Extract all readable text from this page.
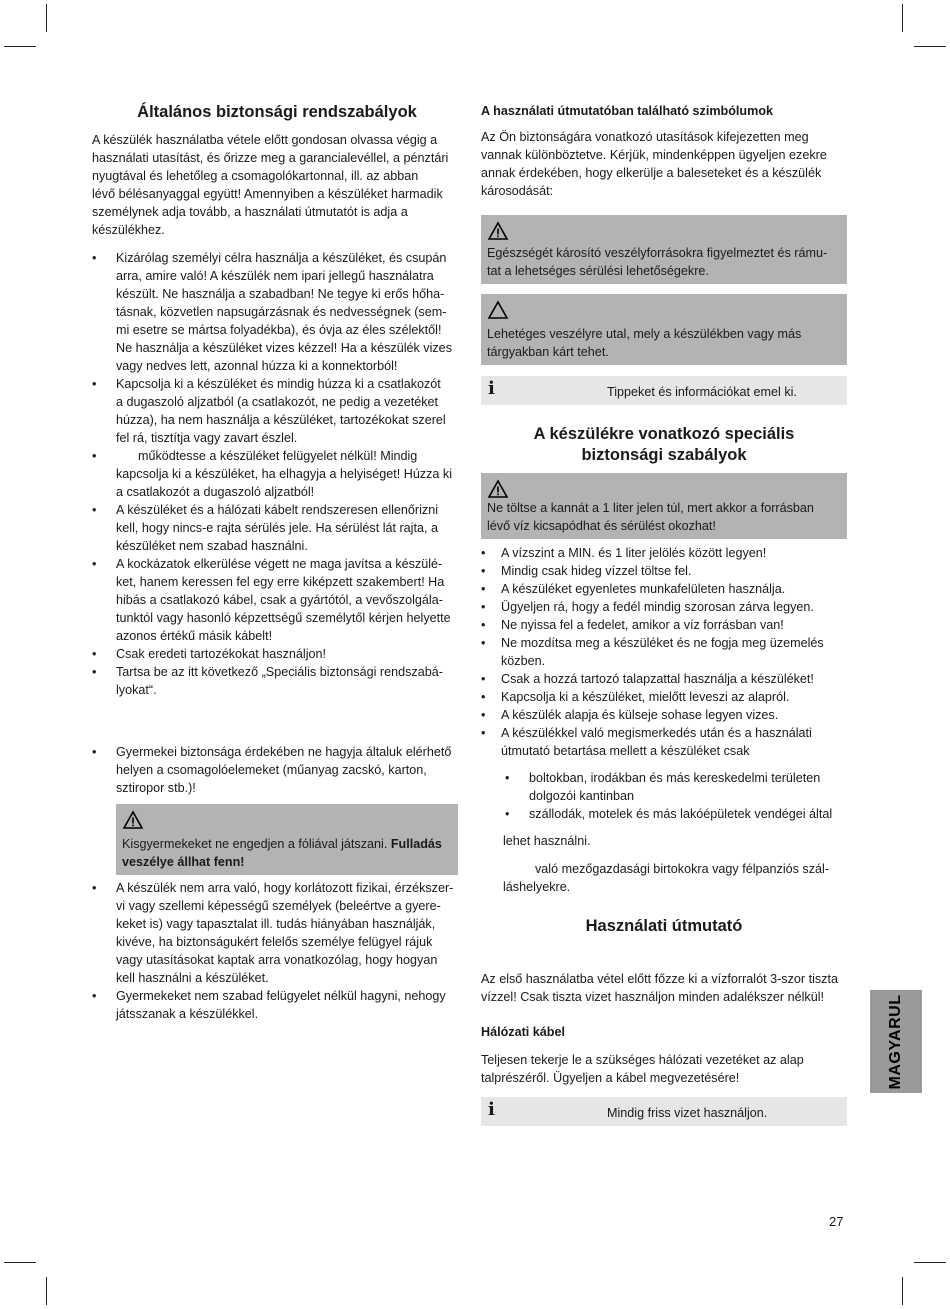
Általános biztonsági rendszabályok

A készülék használatba vétele előtt gondosan olvassa végig a
használati utasítást, és őrizze meg a garancialevéllel, a pénztári
nyugtával és lehetőleg a csomagolókartonnal, ill. az abban
lévő bélésanyaggal együtt! Amennyiben a készüléket harmadik
személynek adja tovább, a használati útmutatót is adja a
készülékhez.

• Kizárólag személyi célra használja a készüléket, és csupán
arra, amire való! A készülék nem ipari jellegű használatra
készült. Ne használja a szabadban! Ne tegye ki erős hőha-
tásnak, közvetlen napsugárzásnak és nedvességnek (sem-
mi esetre se mártsa folyadékba), és óvja az éles szélektől!
Ne használja a készüléket vizes kézzel! Ha a készülék vizes
vagy nedves lett, azonnal húzza ki a konnektorból!
• Kapcsolja ki a készüléket és mindig húzza ki a csatlakozót
a dugaszoló aljzatból (a csatlakozót, ne pedig a vezetéket
húzza), ha nem használja a készüléket, tartozékokat szerel
fel rá, tisztítja vagy zavart észlel.
• működtesse a készüléket felügyelet nélkül! Mindig
kapcsolja ki a készüléket, ha elhagyja a helyiséget! Húzza ki
a csatlakozót a dugaszoló aljzatból!
• A készüléket és a hálózati kábelt rendszeresen ellenőrizni
kell, hogy nincs-e rajta sérülés jele. Ha sérülést lát rajta, a
készüléket nem szabad használni.
• A kockázatok elkerülése végett ne maga javítsa a készülé-
ket, hanem keressen fel egy erre kiképzett szakembert! Ha
hibás a csatlakozó kábel, csak a gyártótól, a vevőszolgála-
tunktól vagy hasonló képzettségű személytől kérjen helyette
azonos értékű másik kábelt!
• Csak eredeti tartozékokat használjon!
• Tartsa be az itt következő „Speciális biztonsági rendszabá-
lyokat“.
• Gyermekei biztonsága érdekében ne hagyja általuk elérhető
helyen a csomagolóelemeket (műanyag zacskó, karton,
sztiropor stb.)!
Kisgyermekeket ne engedjen a fóliával játszani. Fulladás
veszélye állhat fenn!
• A készülék nem arra való, hogy korlátozott fizikai, érzékszer-
vi vagy szellemi képességű személyek (beleértve a gyere-
keket is) vagy tapasztalat ill. tudás hiányában használják,
kivéve, ha biztonságukért felelős személye felügyel rájuk
vagy utasításokat kaptak arra vonatkozólag, hogy hogyan
kell használni a készüléket.
• Gyermekeket nem szabad felügyelet nélkül hagyni, nehogy
játsszanak a készülékkel.
A használati útmutatóban található szimbólumok

Az Ön biztonságára vonatkozó utasítások kifejezetten meg
vannak különböztetve. Kérjük, mindenképpen ügyeljen ezekre
annak érdekében, hogy elkerülje a baleseteket és a készülék
károsodását:

Egészségét károsító veszélyforrásokra figyelmeztet és rámu-
tat a lehetséges sérülési lehetőségekre.
Lehetéges veszélyre utal, mely a készülékben vagy más
tárgyakban kárt tehet.
i	Tippeket és információkat emel ki.
A készülékre vonatkozó speciális
biztonsági szabályok
Ne töltse a kannát a 1 liter jelen túl, mert akkor a forrásban
lévő víz kicsapódhat és sérülést okozhat!
• A vízszint a MIN. és 1 liter jelölés között legyen!
• Mindig csak hideg vízzel töltse fel.
• A készüléket egyenletes munkafelületen használja.
• Ügyeljen rá, hogy a fedél mindig szorosan zárva legyen.
• Ne nyissa fel a fedelet, amikor a víz forrásban van!
• Ne mozdítsa meg a készüléket és ne fogja meg üzemelés
közben.
• Csak a hozzá tartozó talapzattal használja a készüléket!
• Kapcsolja ki a készüléket, mielőtt leveszi az alapról.
• A készülék alapja és külseje sohase legyen vizes.
• A készülékkel való megismerkedés után és a használati
útmutató betartása mellett a készüléket csak
• boltokban, irodákban és más kereskedelmi területen
dolgozói kantinban
• szállodák, motelek és más lakóépületek vendégei által

lehet használni.

való mezőgazdasági birtokokra vagy félpanziós szál-
láshelyekre.

Használati útmutató

Az első használatba vétel előtt főzze ki a vízforralót 3-szor tiszta
vízzel! Csak tiszta vizet használjon minden adalékszer nélkül!

Hálózati kábel

Teljesen tekerje le a szükséges hálózati vezetéket az alap
talprészéről. Ügyeljen a kábel megvezetésére!

i	Mindig friss vizet használjon.
MAGYARUL
27
